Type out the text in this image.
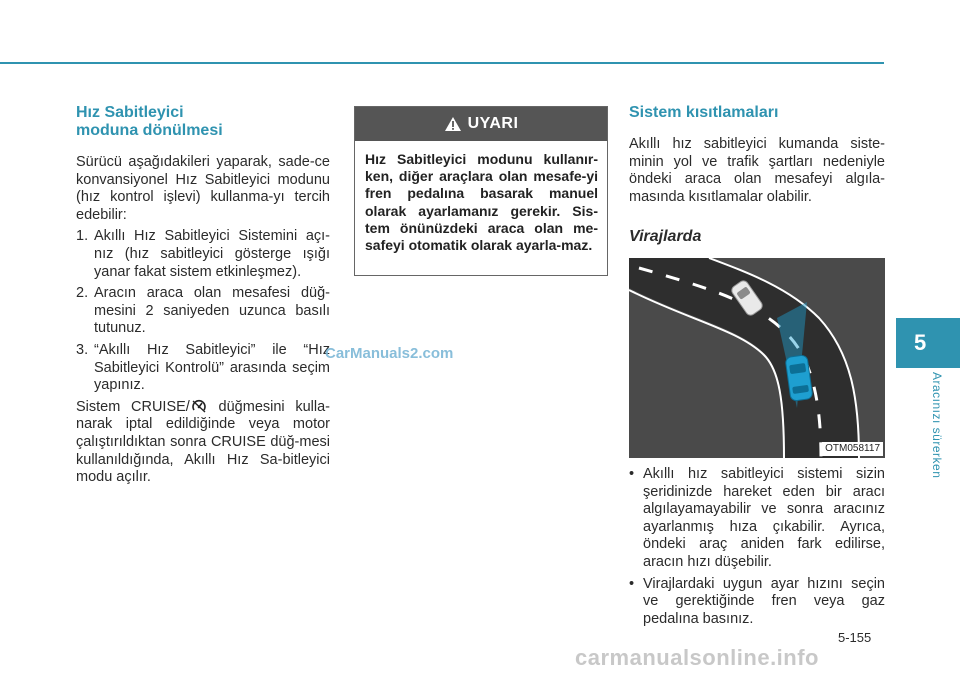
Hız Sabitleyici
moduna dönülmesi

Sürücü aşağıdakileri yaparak, sade-ce konvansiyonel Hız Sabitleyici modunu (hız kontrol işlevi) kullanma-yı tercih edebilir:

1. Akıllı Hız Sabitleyici Sistemini açı-nız (hız sabitleyici gösterge ışığı yanar fakat sistem etkinleşmez).
2. Aracın araca olan mesafesi düğ-mesini 2 saniyeden uzunca basılı tutunuz.
3. “Akıllı Hız Sabitleyici” ile “Hız Sabitleyici Kontrolü” arasında seçim yapınız.

Sistem CRUISE/ düğmesini kulla-narak iptal edildiğinde veya motor çalıştırıldıktan sonra CRUISE düğ-mesi kullanıldığında, Akıllı Hız Sa-bitleyici modu açılır.

UYARI
Hız Sabitleyici modunu kullanır-ken, diğer araçlara olan mesafe-yi fren pedalına basarak manuel olarak ayarlamanız gerekir. Sis-tem önünüzdeki araca olan me-safeyi otomatik olarak ayarla-maz.
Sistem kısıtlamaları

Akıllı hız sabitleyici kumanda siste-minin yol ve trafik şartları nedeniyle öndeki araca olan mesafeyi algıla-masında kısıtlamalar olabilir.

Virajlarda
OTM058117
• Akıllı hız sabitleyici sistemi sizin şeridinizde hareket eden bir aracı algılayamayabilir ve sonra aracınız ayarlanmış hıza çıkabilir. Ayrıca, öndeki araç aniden fark edilirse, aracın hızı düşebilir.
• Virajlardaki uygun ayar hızını seçin ve gerektiğinde fren veya gaz pedalına basınız.
CarManuals2.com
carmanualsonline.info
5-155
5
Aracınızı sürerken
